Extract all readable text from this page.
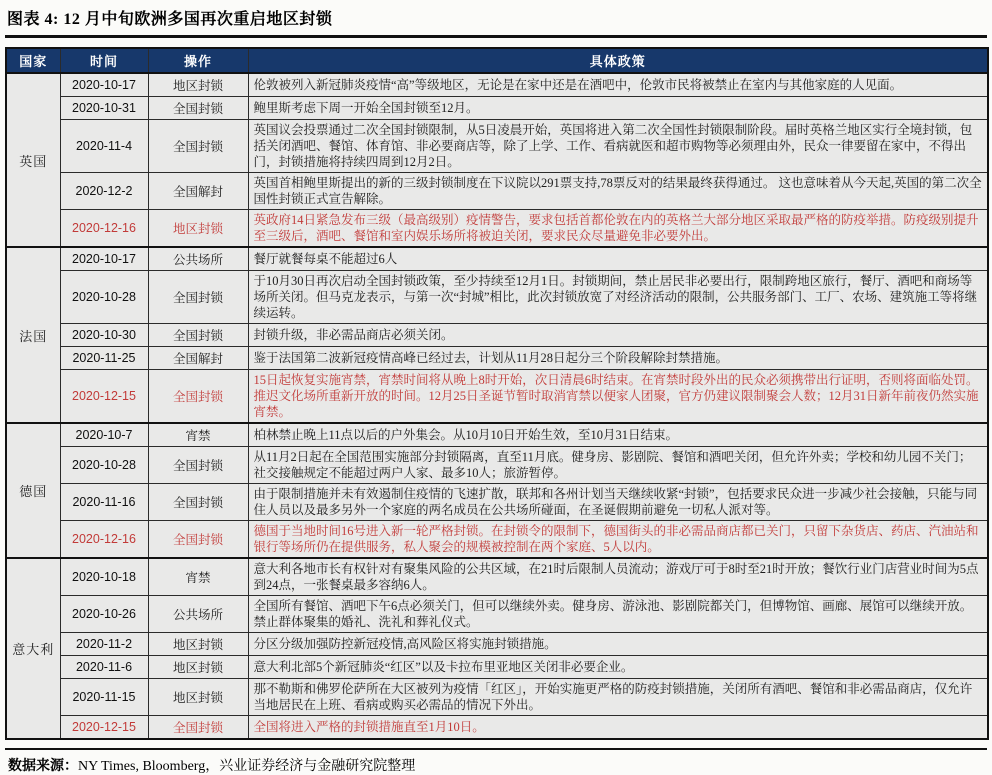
图表 4: 12 月中旬欧洲多国再次重启地区封锁
国家	时间	操作	具体政策
英国	2020-10-17	地区封锁	伦敦被列入新冠肺炎疫情“高”等级地区，无论是在家中还是在酒吧中，伦敦市民将被禁止在室内与其他家庭的人见面。
	2020-10-31	全国封锁	鲍里斯考虑下周一开始全国封锁至12月。
	2020-11-4	全国封锁	英国议会投票通过二次全国封锁限制，从5日凌晨开始，英国将进入第二次全国性封锁限制阶段。届时英格兰地区实行全境封锁，包括关闭酒吧、餐馆、体育馆、非必要商店等，除了上学、工作、看病就医和超市购物等必须理由外，民众一律要留在家中，不得出门，封锁措施将持续四周到12月2日。
	2020-12-2	全国解封	英国首相鲍里斯提出的新的三级封锁制度在下议院以291票支持,78票反对的结果最终获得通过。 这也意味着从今天起,英国的第二次全国性封锁正式宣告解除。
	2020-12-16	地区封锁	英政府14日紧急发布三级（最高级别）疫情警告，要求包括首都伦敦在内的英格兰大部分地区采取最严格的防疫举措。防疫级别提升至三级后，酒吧、餐馆和室内娱乐场所将被迫关闭，要求民众尽量避免非必要外出。
法国	2020-10-17	公共场所	餐厅就餐每桌不能超过6人
	2020-10-28	全国封锁	于10月30日再次启动全国封锁政策，至少持续至12月1日。封锁期间，禁止居民非必要出行，限制跨地区旅行，餐厅、酒吧和商场等场所关闭。但马克龙表示，与第一次“封城”相比，此次封锁放宽了对经济活动的限制，公共服务部门、工厂、农场、建筑施工等将继续运转。
	2020-10-30	全国封锁	封锁升级，非必需品商店必须关闭。
	2020-11-25	全国解封	鉴于法国第二波新冠疫情高峰已经过去，计划从11月28日起分三个阶段解除封禁措施。
	2020-12-15	全国封锁	15日起恢复实施宵禁，宵禁时间将从晚上8时开始，次日清晨6时结束。在宵禁时段外出的民众必须携带出行证明，否则将面临处罚。推迟文化场所重新开放的时间。12月25日圣诞节暂时取消宵禁以便家人团聚，官方仍建议限制聚会人数；12月31日新年前夜仍然实施宵禁。
德国	2020-10-7	宵禁	柏林禁止晚上11点以后的户外集会。从10月10日开始生效，至10月31日结束。
	2020-10-28	全国封锁	从11月2日起在全国范围实施部分封锁隔离，直至11月底。健身房、影剧院、餐馆和酒吧关闭，但允许外卖；学校和幼儿园不关门；社交接触规定不能超过两户人家、最多10人；旅游暂停。
	2020-11-16	全国封锁	由于限制措施并未有效遏制住疫情的飞速扩散，联邦和各州计划当天继续收紧“封锁”，包括要求民众进一步减少社会接触，只能与同住人员以及最多另外一个家庭的两名成员在公共场所碰面，在圣诞假期前避免一切私人派对等。
	2020-12-16	全国封锁	德国于当地时间16号进入新一轮严格封锁。在封锁令的限制下，德国街头的非必需品商店都已关门，只留下杂货店、药店、汽油站和银行等场所仍在提供服务，私人聚会的规模被控制在两个家庭、5人以内。
意大利	2020-10-18	宵禁	意大利各地市长有权针对有聚集风险的公共区域，在21时后限制人员流动；游戏厅可于8时至21时开放；餐饮行业门店营业时间为5点到24点，一张餐桌最多容纳6人。
	2020-10-26	公共场所	全国所有餐馆、酒吧下午6点必须关门，但可以继续外卖。健身房、游泳池、影剧院都关门，但博物馆、画廊、展馆可以继续开放。禁止群体聚集的婚礼、洗礼和葬礼仪式。
	2020-11-2	地区封锁	分区分级加强防控新冠疫情,高风险区将实施封锁措施。
	2020-11-6	地区封锁	意大利北部5个新冠肺炎“红区”以及卡拉布里亚地区关闭非必要企业。
	2020-11-15	地区封锁	那不勒斯和佛罗伦萨所在大区被列为疫情「红区」，开始实施更严格的防疫封锁措施，关闭所有酒吧、餐馆和非必需品商店，仅允许当地居民在上班、看病或购买必需品的情况下外出。
	2020-12-15	全国封锁	全国将进入严格的封锁措施直至1月10日。
数据来源：NY Times, Bloomberg，兴业证券经济与金融研究院整理
